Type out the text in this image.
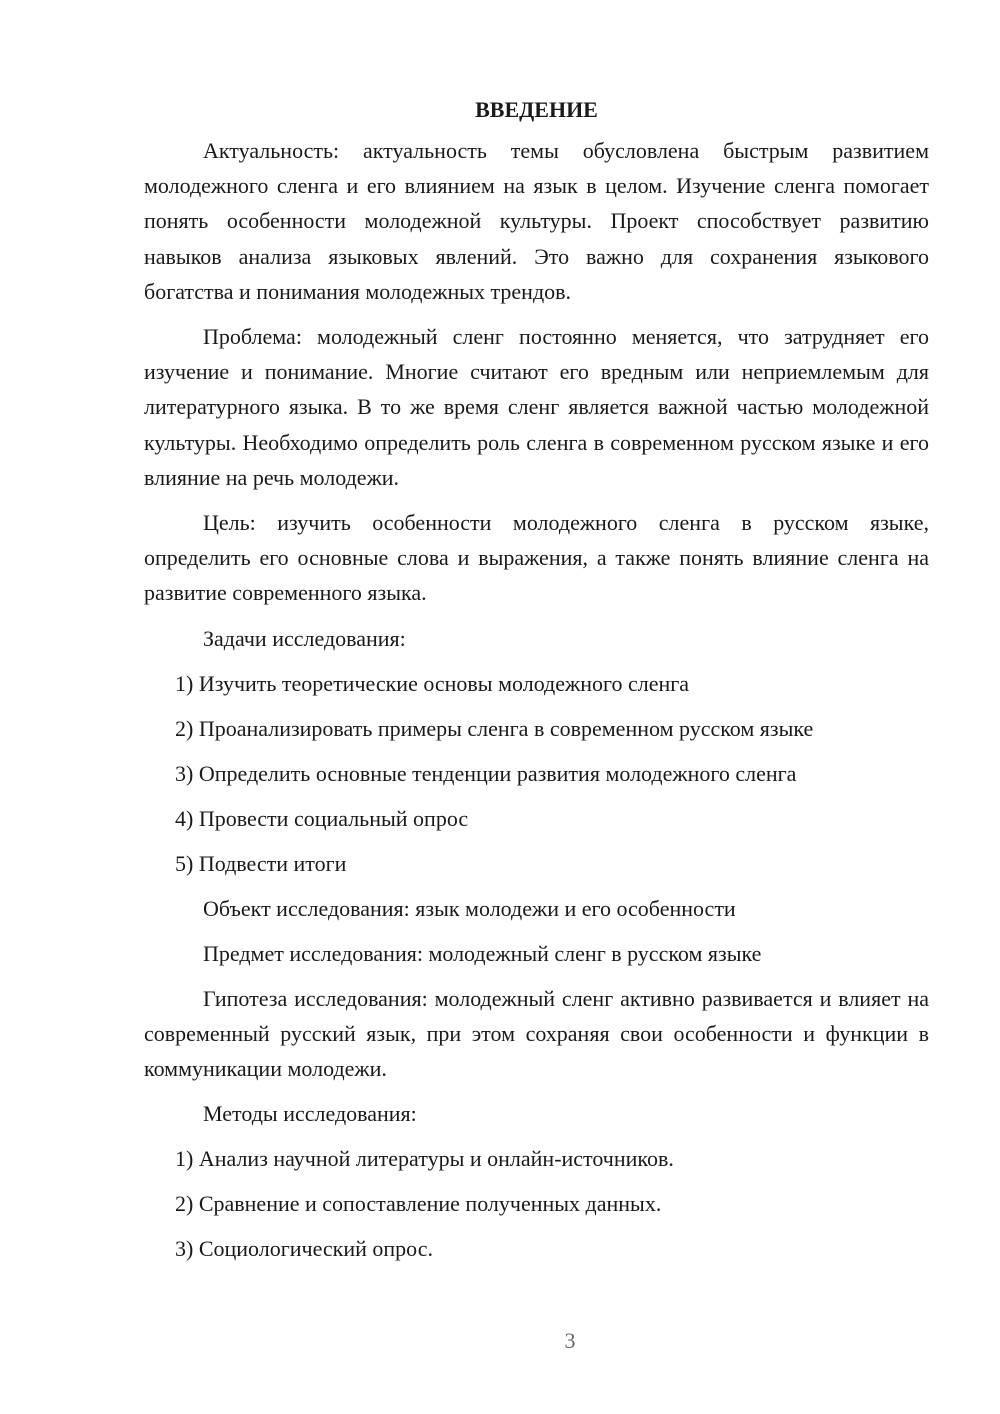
ВВЕДЕНИЕ

Актуальность: актуальность темы обусловлена быстрым развитием молодежного сленга и его влиянием на язык в целом. Изучение сленга помогает понять особенности молодежной культуры. Проект способствует развитию навыков анализа языковых явлений. Это важно для сохранения языкового богатства и понимания молодежных трендов.

Проблема: молодежный сленг постоянно меняется, что затрудняет его изучение и понимание. Многие считают его вредным или неприемлемым для литературного языка. В то же время сленг является важной частью молодежной культуры. Необходимо определить роль сленга в современном русском языке и его влияние на речь молодежи.

Цель: изучить особенности молодежного сленга в русском языке, определить его основные слова и выражения, а также понять влияние сленга на развитие современного языка.

Задачи исследования:
1) Изучить теоретические основы молодежного сленга
2) Проанализировать примеры сленга в современном русском языке
3) Определить основные тенденции развития молодежного сленга
4) Провести социальный опрос
5) Подвести итоги
Объект исследования: язык молодежи и его особенности
Предмет исследования: молодежный сленг в русском языке

Гипотеза исследования: молодежный сленг активно развивается и влияет на современный русский язык, при этом сохраняя свои особенности и функции в коммуникации молодежи.

Методы исследования:
1) Анализ научной литературы и онлайн-источников.
2) Сравнение и сопоставление полученных данных.
3) Социологический опрос.
3
